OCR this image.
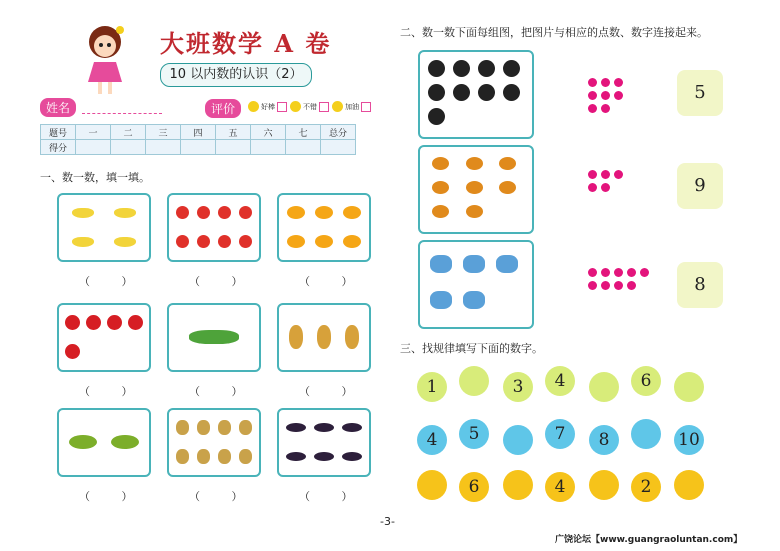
大班数学 A 卷
10 以内数的认识（2）
姓名	评价	好棒	不错	加油
题号	一	二	三	四	五	六	七	总分
得分								
一、数一数，填一填。
（ ）	（ ）	（ ）
（ ）	（ ）	（ ）
（ ）	（ ）	（ ）
二、数一数下面每组图，把图片与相应的点数、数字连接起来。
5
9
8
三、找规律填写下面的数字。
1	3	4	6
4	5	7	8	10
6	4	2
-3-
广饶论坛【www.guangraoluntan.com】
